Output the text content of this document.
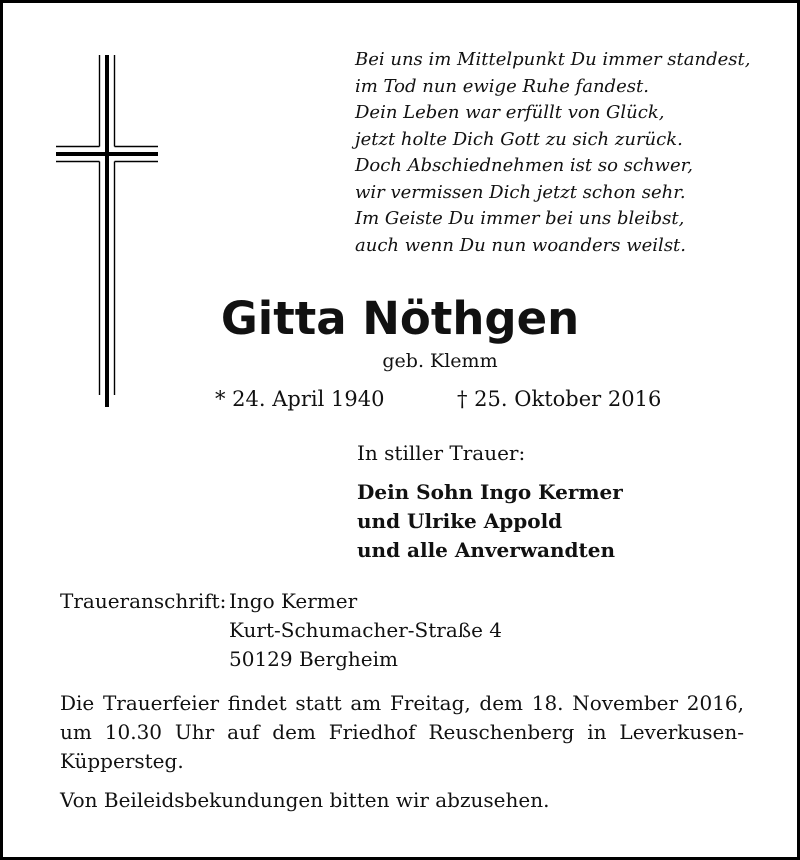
Bei uns im Mittelpunkt Du immer standest,
im Tod nun ewige Ruhe fandest.
Dein Leben war erfüllt von Glück,
jetzt holte Dich Gott zu sich zurück.
Doch Abschiednehmen ist so schwer,
wir vermissen Dich jetzt schon sehr.
Im Geiste Du immer bei uns bleibst,
auch wenn Du nun woanders weilst.
Gitta Nöthgen
geb. Klemm
* 24. April 1940	† 25. Oktober 2016
In stiller Trauer:
Dein Sohn Ingo Kermer
und Ulrike Appold
und alle Anverwandten
Traueranschrift: Ingo Kermer
Kurt-Schumacher-Straße 4
50129 Bergheim
Die Trauerfeier findet statt am Freitag, dem 18. November 2016, um 10.30 Uhr auf dem Friedhof Reuschenberg in Leverkusen-Küppersteg.
Von Beileidsbekundungen bitten wir abzusehen.
